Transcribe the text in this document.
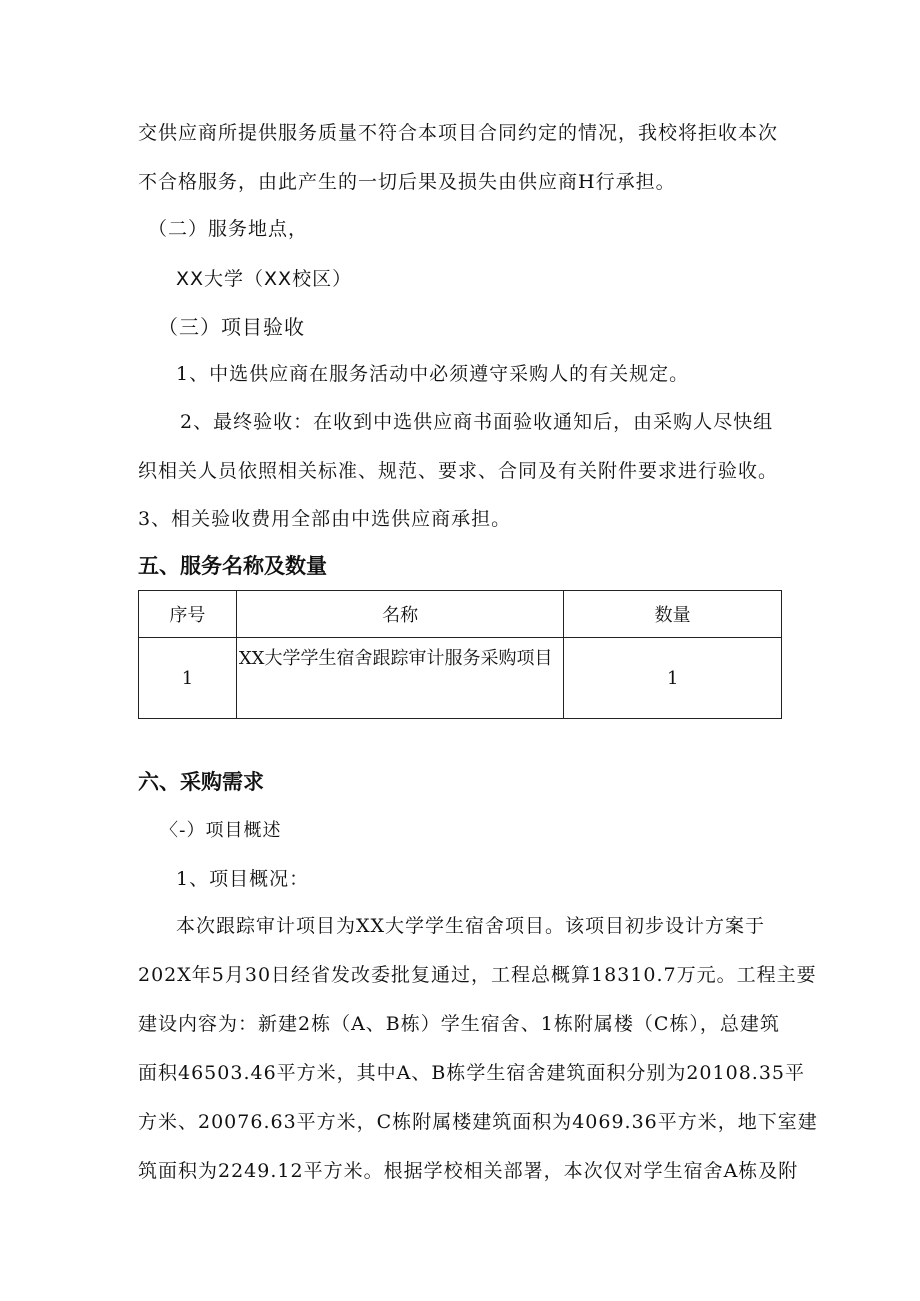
交供应商所提供服务质量不符合本项目合同约定的情况，我校将拒收本次
不合格服务，由此产生的一切后果及损失由供应商H行承担。
（二）服务地点，
XX大学（XX校区）
（三）项目验收
1、中选供应商在服务活动中必须遵守采购人的有关规定。
2、最终验收：在收到中选供应商书面验收通知后，由采购人尽快组
织相关人员依照相关标准、规范、要求、合同及有关附件要求进行验收。
3、相关验收费用全部由中选供应商承担。
五、服务名称及数量
序号	名称	数量
1	XX大学学生宿舍跟踪审计服务采购项目	1
六、采购需求
〈-）项目概述
1、项目概况：
本次跟踪审计项目为XX大学学生宿舍项目。该项目初步设计方案于
202X年5月30日经省发改委批复通过，工程总概算18310.7万元。工程主要
建设内容为：新建2栋（A、B栋）学生宿舍、1栋附属楼（C栋），总建筑
面积46503.46平方米，其中A、B栋学生宿舍建筑面积分别为20108.35平
方米、20076.63平方米，C栋附属楼建筑面积为4069.36平方米，地下室建
筑面积为2249.12平方米。根据学校相关部署，本次仅对学生宿舍A栋及附
